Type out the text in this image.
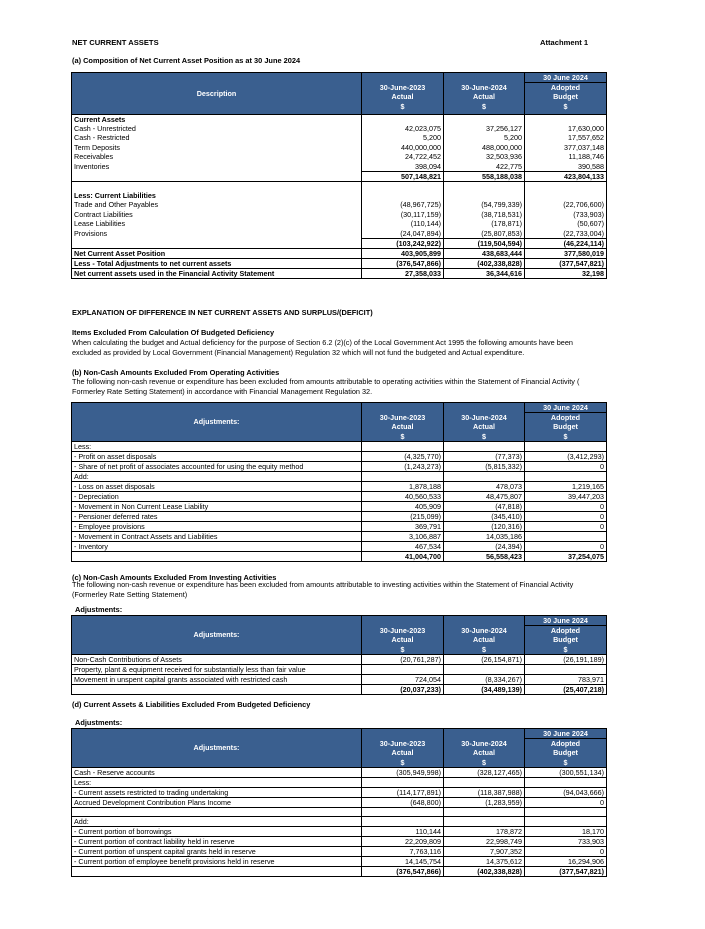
NET CURRENT ASSETS	Attachment 1
(a) Composition of Net Current Asset Position as at 30 June 2024
Description			30 June 2024
	30-June-2023	30-June-2024	Adopted
	Actual	Actual	Budget
	$	$	$

Current Assets			
Cash - Unrestricted	42,023,075	37,256,127	17,630,000
Cash - Restricted	5,200	5,200	17,557,652
Term Deposits	440,000,000	488,000,000	377,037,148
Receivables	24,722,452	32,503,936	11,188,746
Inventories	398,094	422,775	390,588
	507,148,821	558,188,038	423,804,133

Less: Current Liabilities			
Trade and Other Payables	(48,967,725)	(54,799,339)	(22,706,600)
Contract Liabilities	(30,117,159)	(38,718,531)	(733,903)
Lease Liabilities	(110,144)	(178,871)	(50,607)
Provisions	(24,047,894)	(25,807,853)	(22,733,004)
	(103,242,922)	(119,504,594)	(46,224,114)
Net Current Asset Position	403,905,899	438,683,444	377,580,019
Less - Total Adjustments to net current assets	(376,547,866)	(402,338,828)	(377,547,821)
Net current assets used in the Financial Activity Statement	27,358,033	36,344,616	32,198
EXPLANATION OF DIFFERENCE IN NET CURRENT ASSETS AND SURPLUS/(DEFICIT)
Items Excluded From Calculation Of Budgeted Deficiency
When calculating the budget and Actual deficiency for the purpose of Section 6.2 (2)(c) of the Local Government Act 1995 the following amounts have been
excluded as provided by Local Government (Financial Management) Regulation 32 which will not fund the budgeted and Actual expenditure.
(b) Non-Cash Amounts Excluded From Operating Activities
The following non-cash revenue or expenditure has been excluded from amounts attributable to operating activities within the Statement of Financial Activity (
Formerley Rate Setting Statement) in accordance with Financial Management Regulation 32.
Adjustments:			30 June 2024
	30-June-2023	30-June-2024	Adopted
	Actual	Actual	Budget
	$	$	$
Less:			
- Profit on asset disposals	(4,325,770)	(77,373)	(3,412,293)
- Share of net profit of associates accounted for using the equity method	(1,243,273)	(5,815,332)	0
Add:			
- Loss on asset disposals	1,878,188	478,073	1,219,165
- Depreciation	40,560,533	48,475,807	39,447,203
- Movement in Non Current Lease Liability	405,909	(47,818)	0
- Pensioner deferred rates	(215,099)	(345,410)	0
- Employee provisions	369,791	(120,316)	0
- Movement in Contract Assets and Liabilities	3,106,887	14,035,186	
- Inventory	467,534	(24,394)	0
	41,004,700	56,558,423	37,254,075
(c) Non-Cash Amounts Excluded From Investing Activities
The following non-cash revenue or expenditure has been excluded from amounts attributable to investing activities within the Statement of Financial Activity
(Formerley Rate Setting Statement)
Adjustments:
Adjustments:			30 June 2024
	30-June-2023	30-June-2024	Adopted
	Actual	Actual	Budget
	$	$	$
Non-Cash Contributions of Assets	(20,761,287)	(26,154,871)	(26,191,189)
Property, plant & equipment received for substantially less than fair value			
Movement in unspent capital grants associated with restricted cash	724,054	(8,334,267)	783,971
	(20,037,233)	(34,489,139)	(25,407,218)
(d) Current Assets & Liabilities Excluded From Budgeted Deficiency
Adjustments:
Adjustments:			30 June 2024
	30-June-2023	30-June-2024	Adopted
	Actual	Actual	Budget
	$	$	$
Cash - Reserve accounts	(305,949,998)	(328,127,465)	(300,551,134)
Less:			
- Current assets restricted to trading undertaking	(114,177,891)	(118,387,988)	(94,043,666)
Accrued Development Contribution Plans Income	(648,800)	(1,283,959)	0

Add:			
- Current portion of borrowings	110,144	178,872	18,170
- Current portion of contract liability held in reserve	22,209,809	22,998,749	733,903
- Current portion of unspent capital grants held in reserve	7,763,116	7,907,352	0
- Current portion of employee benefit provisions held in reserve	14,145,754	14,375,612	16,294,906
	(376,547,866)	(402,338,828)	(377,547,821)
